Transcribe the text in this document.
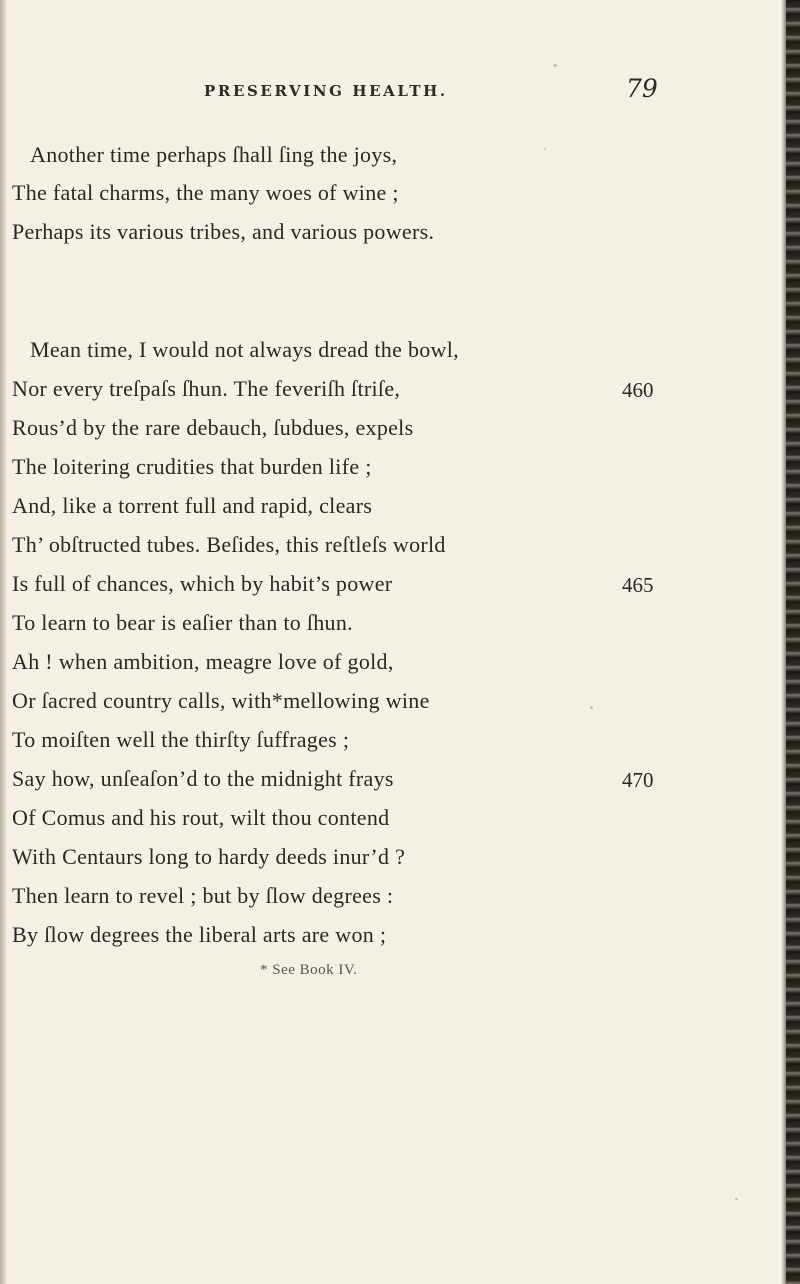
PRESERVING HEALTH.	79
Another time perhaps ſhall ſing the joys,
The fatal charms, the many woes of wine ;
Perhaps its various tribes, and various powers.
Mean time, I would not always dread the bowl,
Nor every treſpaſs ſhun. The feveriſh ſtriſe,
Rous’d by the rare debauch, ſubdues, expels
The loitering crudities that burden life ;
And, like a torrent full and rapid, clears
Th’ obſtructed tubes. Beſides, this reſtleſs world
Is full of chances, which by habit’s power
To learn to bear is eaſier than to ſhun.
Ah ! when ambition, meagre love of gold,
Or ſacred country calls, with*mellowing wine
To moiſten well the thirſty ſuffrages ;
Say how, unſeaſon’d to the midnight frays
Of Comus and his rout, wilt thou contend
With Centaurs long to hardy deeds inur’d ?
Then learn to revel ; but by ſlow degrees :
By ſlow degrees the liberal arts are won ;
460
465
470
* See Book IV.
